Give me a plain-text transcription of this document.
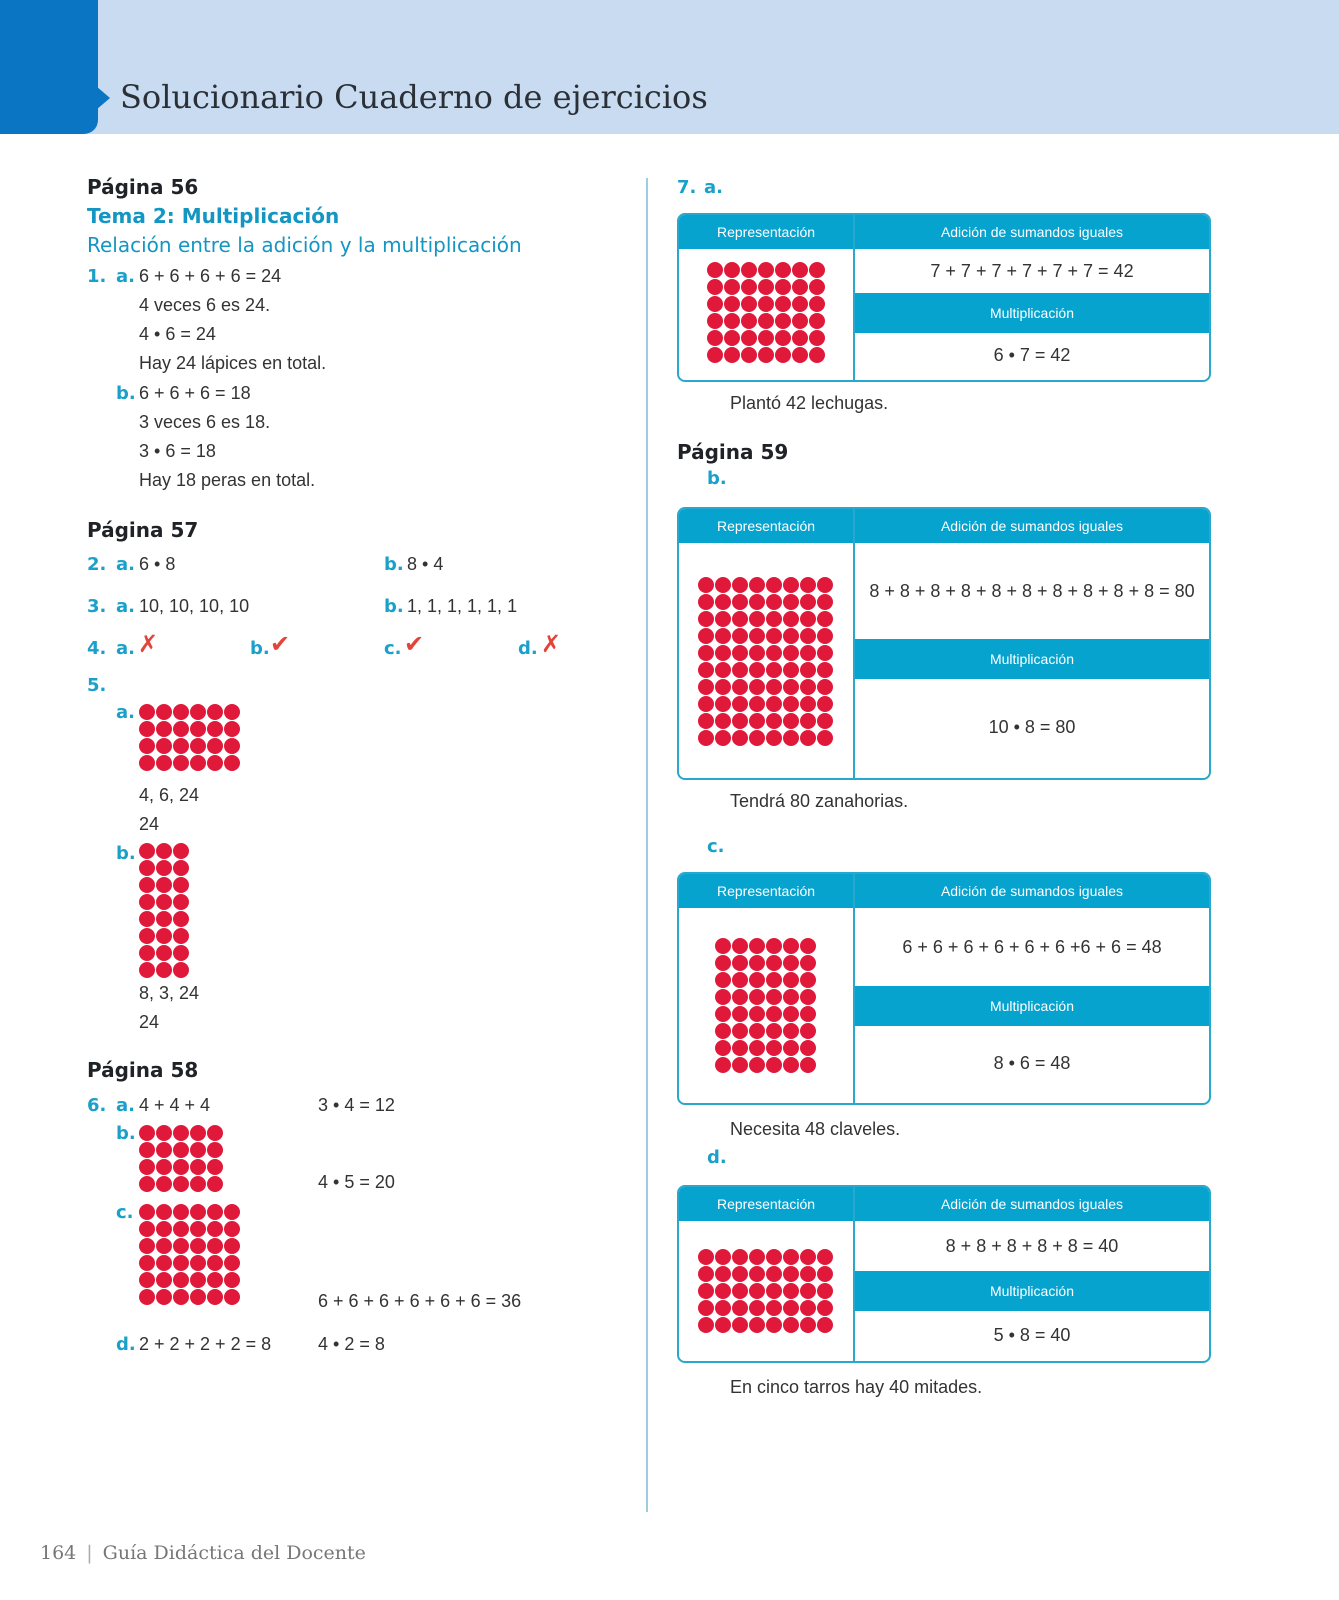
Solucionario Cuaderno de ejercicios
Página 56
Tema 2: Multiplicación
Relación entre la adición y la multiplicación
1. a. 6 + 6 + 6 + 6 = 24
4 veces 6 es 24.
4 • 6 = 24
Hay 24 lápices en total.
b. 6 + 6 + 6 = 18
3 veces 6 es 18.
3 • 6 = 18
Hay 18 peras en total.
Página 57
2. a. 6 • 8	b. 8 • 4
3. a. 10, 10, 10, 10	b. 1, 1, 1, 1, 1, 1
4. a. ✗	b. ✔	c. ✔	d. ✗
5.
a.
4, 6, 24
24
b.
8, 3, 24
24
Página 58
6. a. 4 + 4 + 4	3 • 4 = 12
b.
4 • 5 = 20
c.
6 + 6 + 6 + 6 + 6 + 6 = 36
d. 2 + 2 + 2 + 2 = 8	4 • 2 = 8
7. a.
Representación	Adición de sumandos iguales
7 + 7 + 7 + 7 + 7 + 7 = 42
Multiplicación
6 • 7 = 42
Plantó 42 lechugas.
Página 59
b.
Representación	Adición de sumandos iguales
8 + 8 + 8 + 8 + 8 + 8 + 8 + 8 + 8 + 8 = 80
Multiplicación
10 • 8 = 80
Tendrá 80 zanahorias.
c.
Representación	Adición de sumandos iguales
6 + 6 + 6 + 6 + 6 + 6 +6 + 6 = 48
Multiplicación
8 • 6 = 48
Necesita 48 claveles.
d.
Representación	Adición de sumandos iguales
8 + 8 + 8 + 8 + 8 = 40
Multiplicación
5 • 8 = 40
En cinco tarros hay 40 mitades.
164 | Guía Didáctica del Docente
